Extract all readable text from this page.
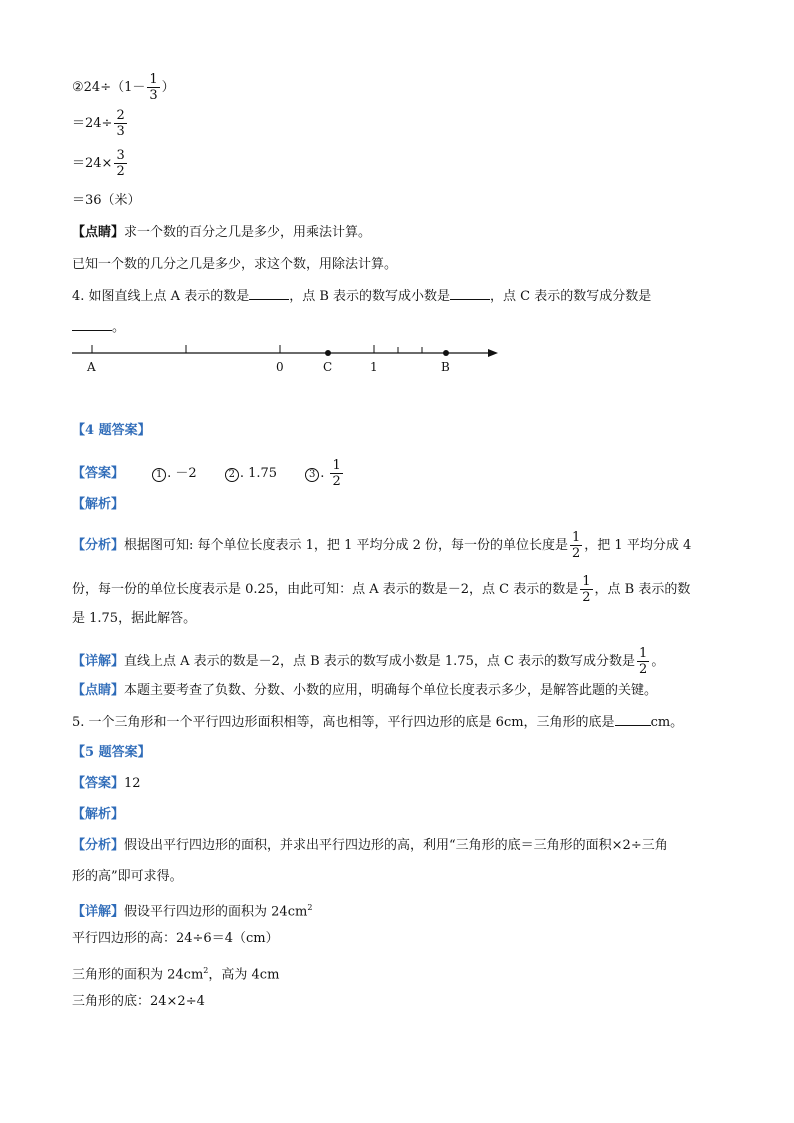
②24÷（1－ $\frac{1}{3}$ ）
$=24\div \frac{2}{3}$
$=24\times \frac{3}{2}$
＝36（米）
【点睛】求一个数的百分之几是多少，用乘法计算。
已知一个数的几分之几是多少，求这个数，用除法计算。
4. 如图直线上点 A 表示的数是	，点 B 表示的数写成小数是	，点 C 表示的数写成分数是
。
A	0	C	1	B
【4 题答案】
【答案】	1 . －2	2 . 1.75	3 . $\frac{1}{2}$
【解析】
【分析】根据图可知: 每个单位长度表示 1，把 1 平均分成 2 份，每一份的单位长度是 $\frac{1}{2}$ ，把 1 平均分成 4
份，每一份的单位长度表示是 0.25，由此可知：点 A 表示的数是－2，点 C 表示的数是 $\frac{1}{2}$ ，点 B 表示的数
是 1.75，据此解答。
【详解】直线上点 A 表示的数是－2，点 B 表示的数写成小数是 1.75，点 C 表示的数写成分数是 $\frac{1}{2}$ 。
【点睛】本题主要考查了负数、分数、小数的应用，明确每个单位长度表示多少，是解答此题的关键。
5. 一个三角形和一个平行四边形面积相等，高也相等，平行四边形的底是 6cm，三角形的底是	cm。
【5 题答案】
【答案】12
【解析】
【分析】假设出平行四边形的面积，并求出平行四边形的高，利用“三角形的底＝三角形的面积×2÷三角
形的高”即可求得。
【详解】假设平行四边形的面积为 $24cm^2$
平行四边形的高：24÷6＝4（cm）
三角形的面积为 $24cm^2$，高为 4cm
三角形的底：24×2÷4
